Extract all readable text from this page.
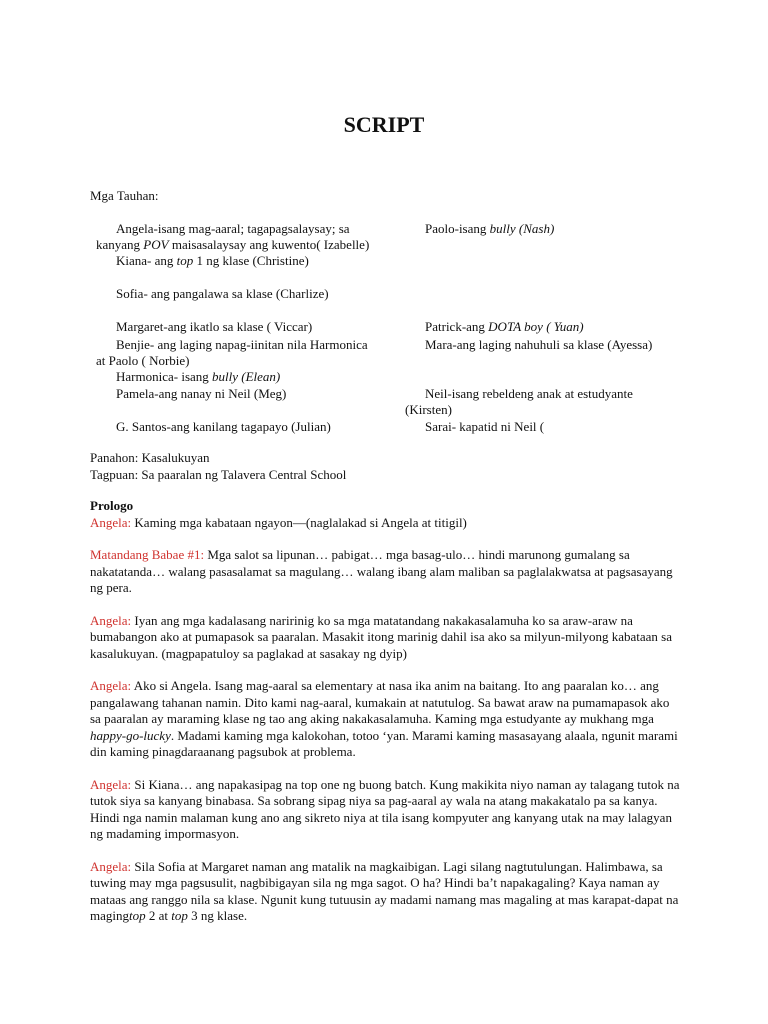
SCRIPT
Mga Tauhan:
Angela-isang mag-aaral; tagapagsalaysay; sa
kanyang POV maisasalaysay ang kuwento( Izabelle)
Kiana- ang top 1 ng klase (Christine)
Sofia- ang pangalawa sa klase (Charlize)
Margaret-ang ikatlo sa klase ( Viccar)
Benjie- ang laging napag-iinitan nila Harmonica
at Paolo ( Norbie)
Harmonica- isang bully (Elean)
Pamela-ang nanay ni Neil (Meg)
G. Santos-ang kanilang tagapayo (Julian)
Paolo-isang bully (Nash)
Patrick-ang DOTA boy ( Yuan)
Mara-ang laging nahuhuli sa klase (Ayessa)
Neil-isang rebeldeng anak at estudyante
(Kirsten)
Sarai- kapatid ni Neil (
Panahon: Kasalukuyan
Tagpuan: Sa paaralan ng Talavera Central School

Prologo

Angela: Kaming mga kabataan ngayon—(naglalakad si Angela at titigil)

Matandang Babae #1: Mga salot sa lipunan… pabigat… mga basag-ulo… hindi marunong gumalang sa nakatatanda… walang pasasalamat sa magulang… walang ibang alam maliban sa paglalakwatsa at pagsasayang ng pera.

Angela: Iyan ang mga kadalasang naririnig ko sa mga matatandang nakakasalamuha ko sa araw-araw na bumabangon ako at pumapasok sa paaralan. Masakit itong marinig dahil isa ako sa milyun-milyong kabataan sa kasalukuyan. (magpapatuloy sa paglakad at sasakay ng dyip)

Angela: Ako si Angela. Isang mag-aaral sa elementary at nasa ika anim na baitang. Ito ang paaralan ko… ang pangalawang tahanan namin. Dito kami nag-aaral, kumakain at natutulog. Sa bawat araw na pumamapasok ako sa paaralan ay maraming klase ng tao ang aking nakakasalamuha. Kaming mga estudyante ay mukhang mga happy-go-lucky. Madami kaming mga kalokohan, totoo ‘yan. Marami kaming masasayang alaala, ngunit marami din kaming pinagdaraanang pagsubok at problema.

Angela: Si Kiana… ang napakasipag na top one ng buong batch. Kung makikita niyo naman ay talagang tutok na tutok siya sa kanyang binabasa. Sa sobrang sipag niya sa pag-aaral ay wala na atang makakatalo pa sa kanya. Hindi nga namin malaman kung ano ang sikreto niya at tila isang kompyuter ang kanyang utak na may lalagyan ng madaming impormasyon.

Angela: Sila Sofia at Margaret naman ang matalik na magkaibigan. Lagi silang nagtutulungan. Halimbawa, sa tuwing may mga pagsusulit, nagbibigayan sila ng mga sagot. O ha? Hindi ba’t napakagaling? Kaya naman ay mataas ang ranggo nila sa klase. Ngunit kung tutuusin ay madami namang mas magaling at mas karapat-dapat na magingtop 2 at top 3 ng klase.
